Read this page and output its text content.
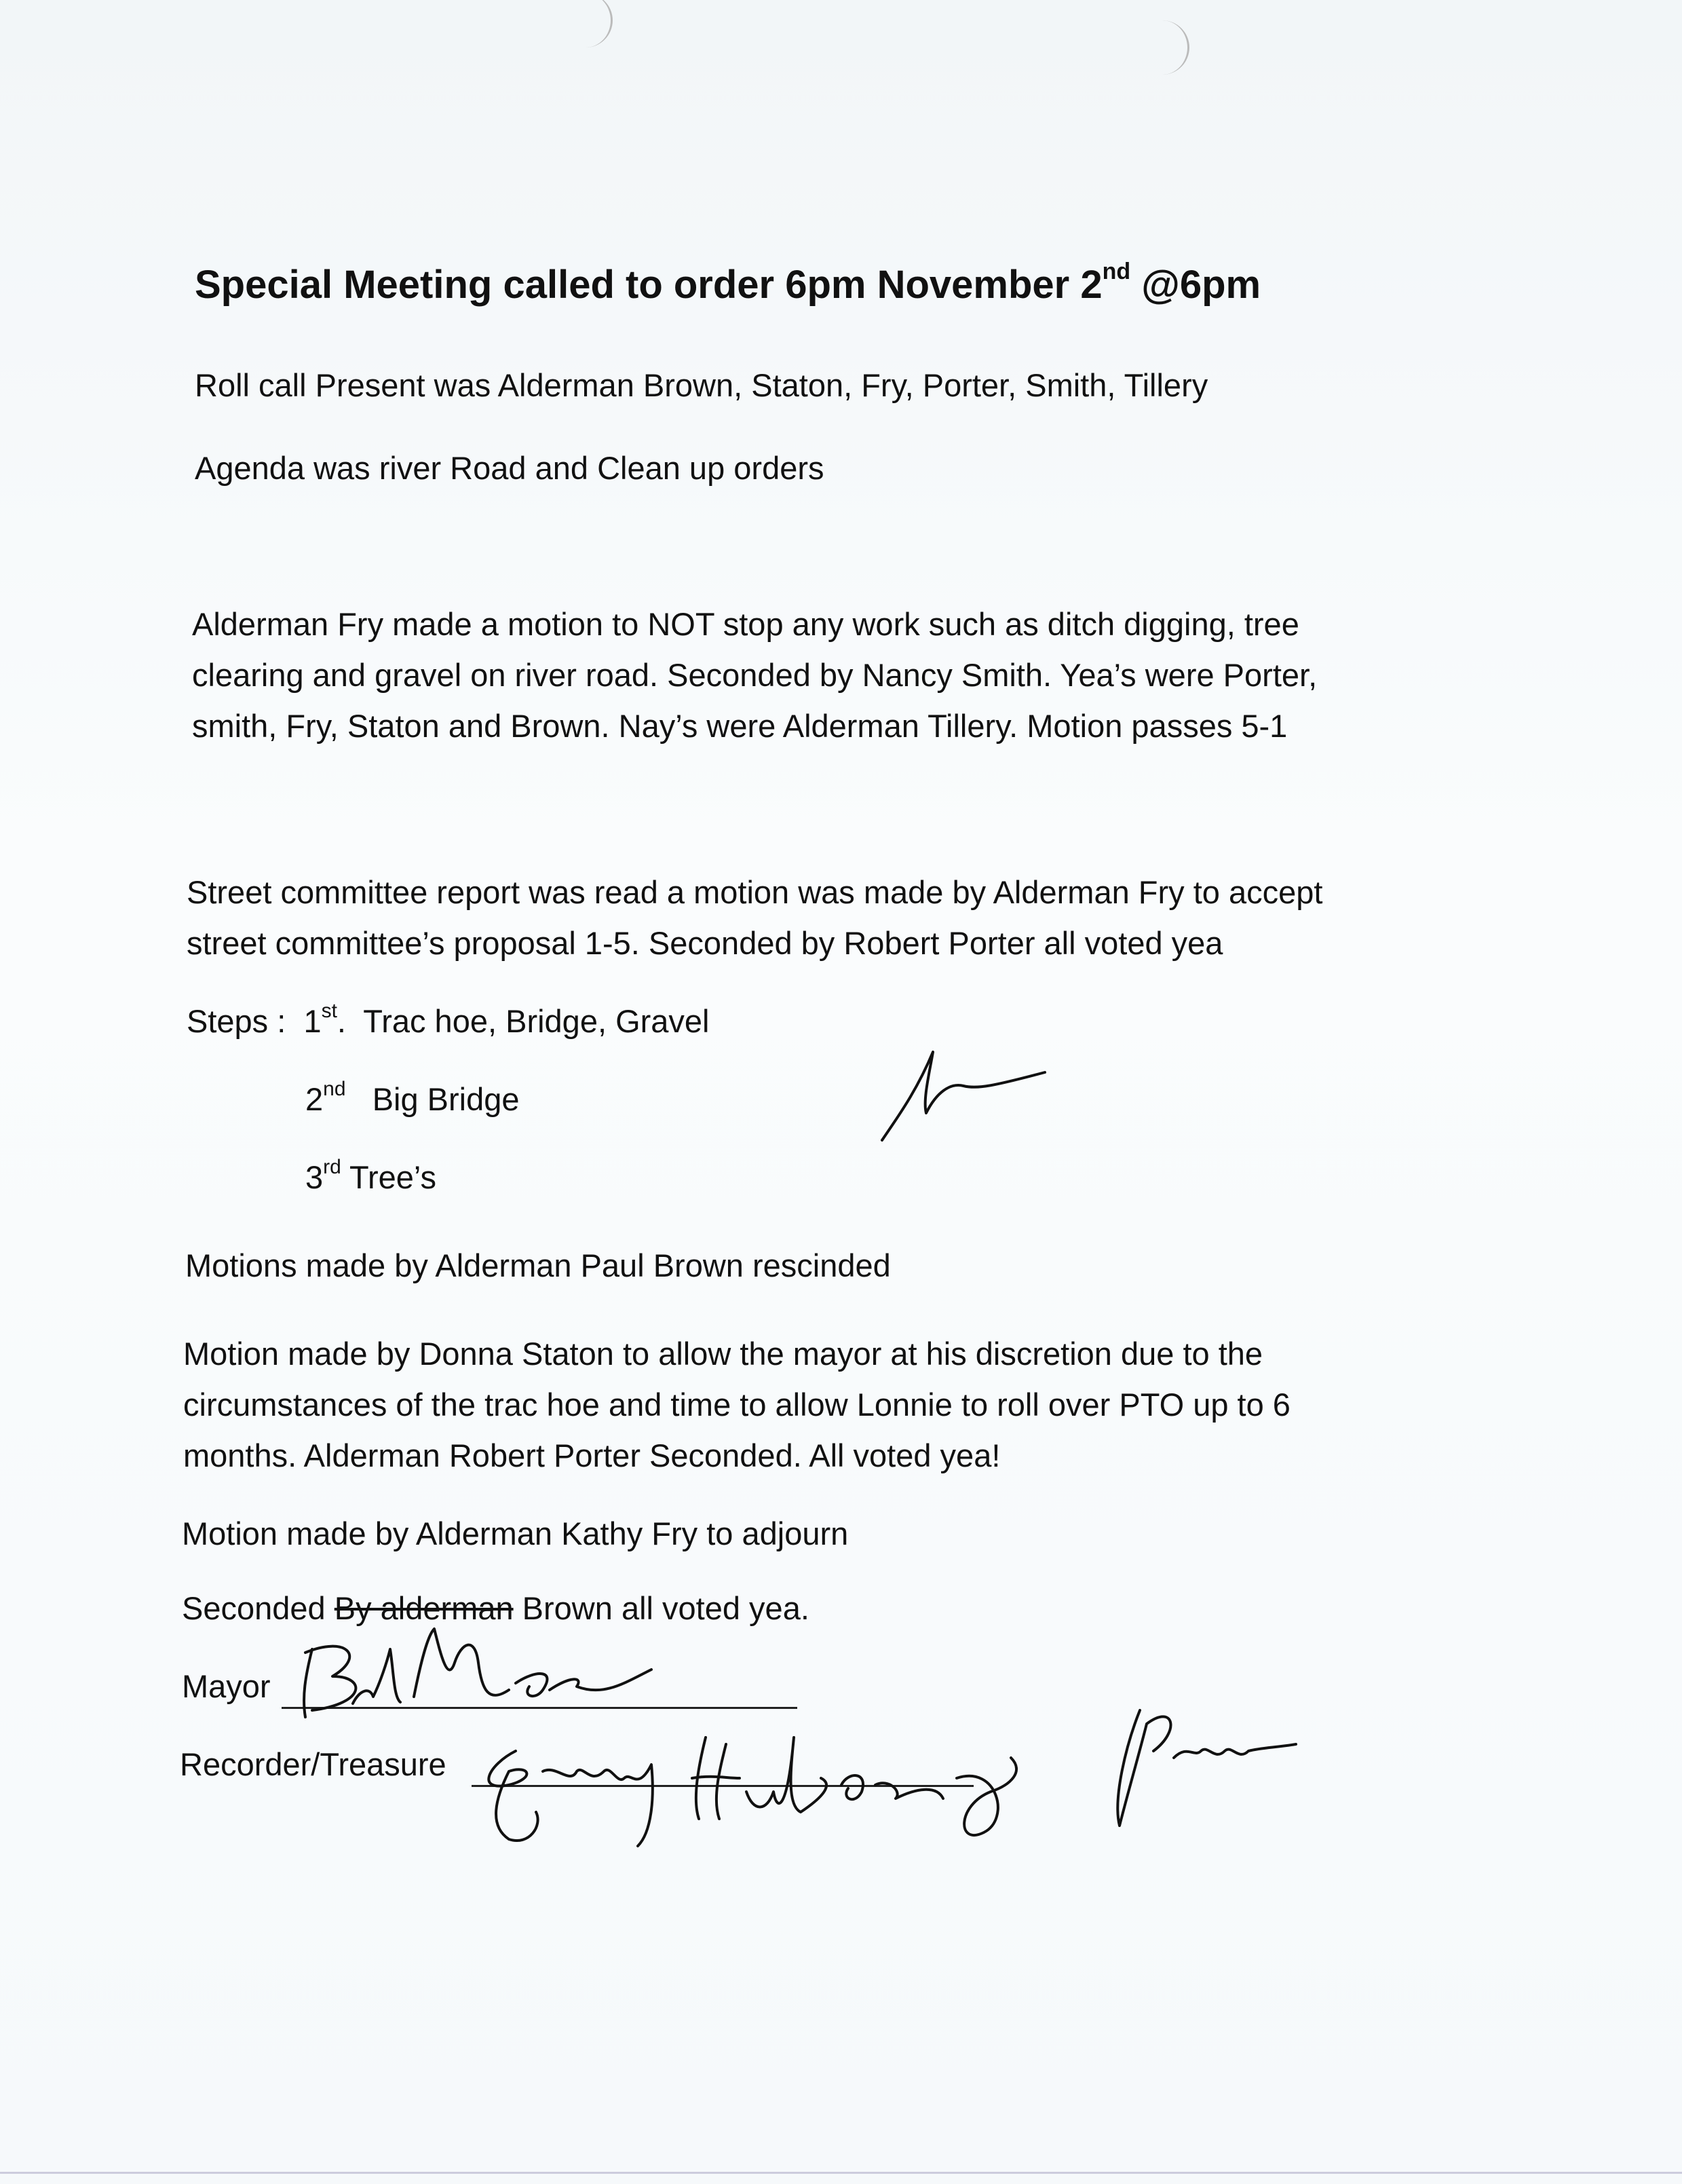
Special Meeting called to order 6pm November 2nd @6pm
Roll call Present was Alderman Brown, Staton, Fry, Porter, Smith, Tillery
Agenda was river Road and Clean up orders
Alderman Fry made a motion to NOT stop any work such as ditch digging, tree
clearing and gravel on river road. Seconded by Nancy Smith. Yea’s were Porter,
smith, Fry, Staton and Brown. Nay’s were Alderman Tillery. Motion passes 5-1
Street committee report was read a motion was made by Alderman Fry to accept
street committee’s proposal 1-5. Seconded by Robert Porter all voted yea
Steps : 1st.  Trac hoe, Bridge, Gravel
2nd   Big Bridge
3rd Tree’s
Motions made by Alderman Paul Brown rescinded
Motion made by Donna Staton to allow the mayor at his discretion due to the
circumstances of the trac hoe and time to allow Lonnie to roll over PTO up to 6
months. Alderman Robert Porter Seconded. All voted yea!
Motion made by Alderman Kathy Fry to adjourn
Seconded By alderman Brown all voted yea.
Mayor
Recorder/Treasure
